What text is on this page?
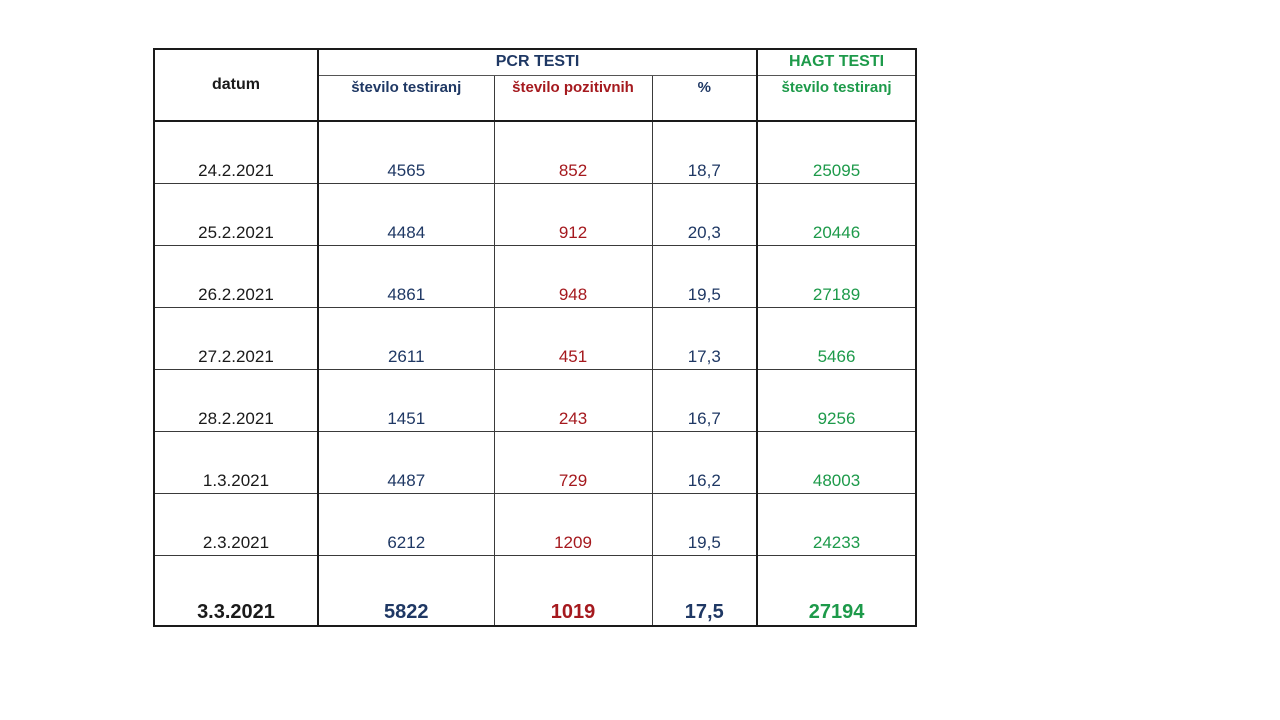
datum	PCR TESTI			HAGT TESTI
	število testiranj	število pozitivnih	%	število testiranj
24.2.2021	4565	852	18,7	25095
25.2.2021	4484	912	20,3	20446
26.2.2021	4861	948	19,5	27189
27.2.2021	2611	451	17,3	5466
28.2.2021	1451	243	16,7	9256
1.3.2021	4487	729	16,2	48003
2.3.2021	6212	1209	19,5	24233
3.3.2021	5822	1019	17,5	27194
